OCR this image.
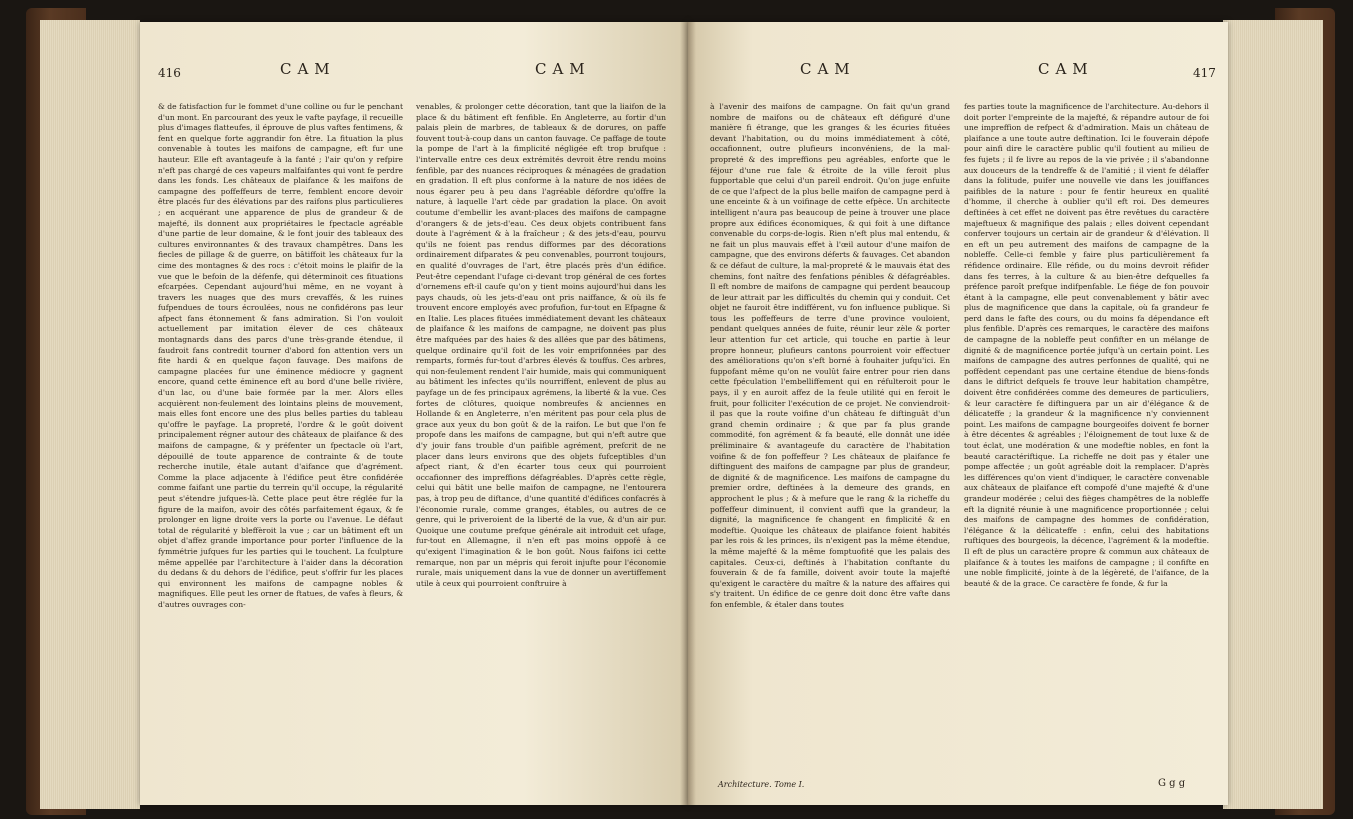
416	CAM	CAM

& de fatisfaction fur le fommet d'une colline ou fur le penchant d'un mont. En parcourant des yeux le vafte payfage, il recueille plus d'images flatteufes, il éprouve de plus vaftes fentimens, & fent en quelque forte aggrandir fon être. La fituation la plus convenable à toutes les maifons de campagne, eft fur une hauteur. Elle eft avantageufe à la fanté ; l'air qu'on y refpire n'eft pas chargé de ces vapeurs malfaifantes qui vont fe perdre dans les fonds. Les châteaux de plaifance & les maifons de campagne des poffeffeurs de terre, femblent encore devoir être placés fur des élévations par des raifons plus particulieres ; en acquérant une apparence de plus de grandeur & de majefté, ils donnent aux propriétaires le fpectacle agréable d'une partie de leur domaine, & le font jouir des tableaux des cultures environnantes & des travaux champêtres. Dans les fiecles de pillage & de guerre, on bâtiffoit les châteaux fur la cime des montagnes & des rocs : c'étoit moins le plaifir de la vue que le befoin de la défenfe, qui déterminoit ces fituations efcarpées. Cependant aujourd'hui même, en ne voyant à travers les nuages que des murs crevaffés, & les ruines fufpendues de tours écroulées, nous ne confidérons pas leur afpect fans étonnement & fans admiration. Si l'on vouloit actuellement par imitation élever de ces châteaux montagnards dans des parcs d'une très-grande étendue, il faudroit fans contredit tourner d'abord fon attention vers un fite hardi & en quelque façon fauvage. Des maifons de campagne placées fur une éminence médiocre y gagnent encore, quand cette éminence eft au bord d'une belle rivière, d'un lac, ou d'une baie formée par la mer. Alors elles acquièrent non-feulement des lointains pleins de mouvement, mais elles font encore une des plus belles parties du tableau qu'offre le payfage. La propreté, l'ordre & le goût doivent principalement régner autour des châteaux de plaifance & des maifons de campagne, & y préfenter un fpectacle où l'art, dépouillé de toute apparence de contrainte & de toute recherche inutile, étale autant d'aifance que d'agrément. Comme la place adjacente à l'édifice peut être confidérée comme faifant une partie du terrein qu'il occupe, la régularité peut s'étendre jufques-là. Cette place peut être réglée fur la figure de la maifon, avoir des côtés parfaitement égaux, & fe prolonger en ligne droite vers la porte ou l'avenue. Le défaut total de régularité y bleffèroit la vue ; car un bâtiment eft un objet d'affez grande importance pour porter l'influence de la fymmétrie jufques fur les parties qui le touchent. La fculpture même appellée par l'architecture à l'aider dans la décoration du dedans & du dehors de l'édifice, peut s'offrir fur les places qui environnent les maifons de campagne nobles & magnifiques. Elle peut les orner de ftatues, de vafes à fleurs, & d'autres ouvrages con-

venables, & prolonger cette décoration, tant que la liaifon de la place & du bâtiment eft fenfible. En Angleterre, au fortir d'un palais plein de marbres, de tableaux & de dorures, on paffe fouvent tout-à-coup dans un canton fauvage. Ce paffage de toute la pompe de l'art à la fimplicité négligée eft trop brufque : l'intervalle entre ces deux extrémités devroit être rendu moins fenfible, par des nuances réciproques & ménagées de gradation en gradation. Il eft plus conforme à la nature de nos idées de nous égarer peu à peu dans l'agréable défordre qu'offre la nature, à laquelle l'art cède par gradation la place. On avoit coutume d'embellir les avant-places des maifons de campagne d'orangers & de jets-d'eau. Ces deux objets contribuent fans doute à l'agrément & à la fraîcheur ; & des jets-d'eau, pourvu qu'ils ne foient pas rendus difformes par des décorations ordinairement difparates & peu convenables, pourront toujours, en qualité d'ouvrages de l'art, être placés près d'un édifice. Peut-être cependant l'ufage ci-devant trop général de ces fortes d'ornemens eft-il caufe qu'on y tient moins aujourd'hui dans les pays chauds, où les jets-d'eau ont pris naiffance, & où ils fe trouvent encore employés avec profufion, fur-tout en Efpagne & en Italie. Les places fituées immédiatement devant les châteaux de plaifance & les maifons de campagne, ne doivent pas plus être mafquées par des haies & des allées que par des bâtimens, quelque ordinaire qu'il foit de les voir emprifonnées par des remparts, formés fur-tout d'arbres élevés & touffus. Ces arbres, qui non-feulement rendent l'air humide, mais qui communiquent au bâtiment les infectes qu'ils nourriffent, enlevent de plus au payfage un de fes principaux agrémens, la liberté & la vue. Ces fortes de clôtures, quoique nombreufes & anciennes en Hollande & en Angleterre, n'en méritent pas pour cela plus de grace aux yeux du bon goût & de la raifon. Le but que l'on fe propofe dans les maifons de campagne, but qui n'eft autre que d'y jouir fans trouble d'un paifible agrément, prefcrit de ne placer dans leurs environs que des objets fufceptibles d'un afpect riant, & d'en écarter tous ceux qui pourroient occafionner des impreffions défagréables. D'après cette règle, celui qui bâtit une belle maifon de campagne, ne l'entourera pas, à trop peu de diftance, d'une quantité d'édifices confacrés à l'économie rurale, comme granges, étables, ou autres de ce genre, qui le priveroient de la liberté de la vue, & d'un air pur. Quoique une coutume prefque générale ait introduit cet ufage, fur-tout en Allemagne, il n'en eft pas moins oppofé à ce qu'exigent l'imagination & le bon goût. Nous faifons ici cette remarque, non par un mépris qui feroit injufte pour l'économie rurale, mais uniquement dans la vue de donner un avertiffement utile à ceux qui pourroient conftruire à

CAM	CAM	417

à l'avenir des maifons de campagne. On fait qu'un grand nombre de maifons ou de châteaux eft défiguré d'une manière fi étrange, que les granges & les écuries fituées devant l'habitation, ou du moins immédiatement à côté, occafionnent, outre plufieurs inconvéniens, de la mal-propreté & des impreffions peu agréables, enforte que le féjour d'une rue fale & étroite de la ville feroit plus fupportable que celui d'un pareil endroit. Qu'on juge enfuite de ce que l'afpect de la plus belle maifon de campagne perd à une enceinte & à un voifinage de cette efpèce. Un architecte intelligent n'aura pas beaucoup de peine à trouver une place propre aux édifices économiques, & qui foit à une diftance convenable du corps-de-logis. Rien n'eft plus mal entendu, & ne fait un plus mauvais effet à l'œil autour d'une maifon de campagne, que des environs déferts & fauvages. Cet abandon & ce défaut de culture, la mal-propreté & le mauvais état des chemins, font naître des fenfations pénibles & défagréables. Il eft nombre de maifons de campagne qui perdent beaucoup de leur attrait par les difficultés du chemin qui y conduit. Cet objet ne fauroit être indifférent, vu fon influence publique. Si tous les poffeffeurs de terre d'une province vouloient, pendant quelques années de fuite, réunir leur zèle & porter leur attention fur cet article, qui touche en partie à leur propre honneur, plufieurs cantons pourroient voir effectuer des améliorations qu'on s'eft borné à fouhaiter jufqu'ici. En fuppofant même qu'on ne voulût faire entrer pour rien dans cette fpéculation l'embelliffement qui en réfulteroit pour le pays, il y en auroit affez de la feule utilité qui en feroit le fruit, pour folliciter l'exécution de ce projet. Ne conviendroit-il pas que la route voifine d'un château fe diftinguât d'un grand chemin ordinaire ; & que par fa plus grande commodité, fon agrément & fa beauté, elle donnât une idée préliminaire & avantageufe du caractère de l'habitation voifine & de fon poffeffeur ? Les châteaux de plaifance fe diftinguent des maifons de campagne par plus de grandeur, de dignité & de magnificence. Les maifons de campagne du premier ordre, deftinées à la demeure des grands, en approchent le plus ; & à mefure que le rang & la richeffe du poffeffeur diminuent, il convient auffi que la grandeur, la dignité, la magnificence fe changent en fimplicité & en modeftie. Quoique les châteaux de plaifance foient habités par les rois & les princes, ils n'exigent pas la même étendue, la même majefté & la même fomptuofité que les palais des capitales. Ceux-ci, deftinés à l'habitation conftante du fouverain & de fa famille, doivent avoir toute la majefté qu'exigent le caractère du maître & la nature des affaires qui s'y traitent. Un édifice de ce genre doit donc être vafte dans fon enfemble, & étaler dans toutes

fes parties toute la magnificence de l'architecture. Au-dehors il doit porter l'empreinte de la majefté, & répandre autour de foi une impreffion de refpect & d'admiration. Mais un château de plaifance a une toute autre deftination. Ici le fouverain dépofe pour ainfi dire le caractère public qu'il foutient au milieu de fes fujets ; il fe livre au repos de la vie privée ; il s'abandonne aux douceurs de la tendreffe & de l'amitié ; il vient fe délaffer dans la folitude, puifer une nouvelle vie dans les jouiffances paifibles de la nature : pour fe fentir heureux en qualité d'homme, il cherche à oublier qu'il eft roi. Des demeures deftinées à cet effet ne doivent pas être revêtues du caractère majeftueux & magnifique des palais ; elles doivent cependant conferver toujours un certain air de grandeur & d'élévation. Il en eft un peu autrement des maifons de campagne de la nobleffe. Celle-ci femble y faire plus particulièrement fa réfidence ordinaire. Elle réfide, ou du moins devroit réfider dans fes terres, à la culture & au bien-être defquelles fa préfence paroît prefque indifpenfable. Le fiége de fon pouvoir étant à la campagne, elle peut convenablement y bâtir avec plus de magnificence que dans la capitale, où fa grandeur fe perd dans le fafte des cours, ou du moins fa dépendance eft plus fenfible. D'après ces remarques, le caractère des maifons de campagne de la nobleffe peut confifter en un mélange de dignité & de magnificence portée jufqu'à un certain point. Les maifons de campagne des autres perfonnes de qualité, qui ne poffèdent cependant pas une certaine étendue de biens-fonds dans le diftrict defquels fe trouve leur habitation champêtre, doivent être confidérées comme des demeures de particuliers, & leur caractère fe diftinguera par un air d'élégance & de délicateffe ; la grandeur & la magnificence n'y conviennent point. Les maifons de campagne bourgeoifes doivent fe borner à être décentes & agréables ; l'éloignement de tout luxe & de tout éclat, une modération & une modeftie nobles, en font la beauté caractériftique. La richeffe ne doit pas y étaler une pompe affectée ; un goût agréable doit la remplacer. D'après les différences qu'on vient d'indiquer, le caractère convenable aux châteaux de plaifance eft compofé d'une majefté & d'une grandeur modérée ; celui des fièges champêtres de la nobleffe eft la dignité réunie à une magnificence proportionnée ; celui des maifons de campagne des hommes de confidération, l'élégance & la délicateffe : enfin, celui des habitations ruftiques des bourgeois, la décence, l'agrément & la modeftie. Il eft de plus un caractère propre & commun aux châteaux de plaifance & à toutes les maifons de campagne ; il confifte en une noble fimplicité, jointe à de la légèreté, de l'aifance, de la beauté & de la grace. Ce caractère fe fonde, & fur la

Architecture. Tome I.	G g g
